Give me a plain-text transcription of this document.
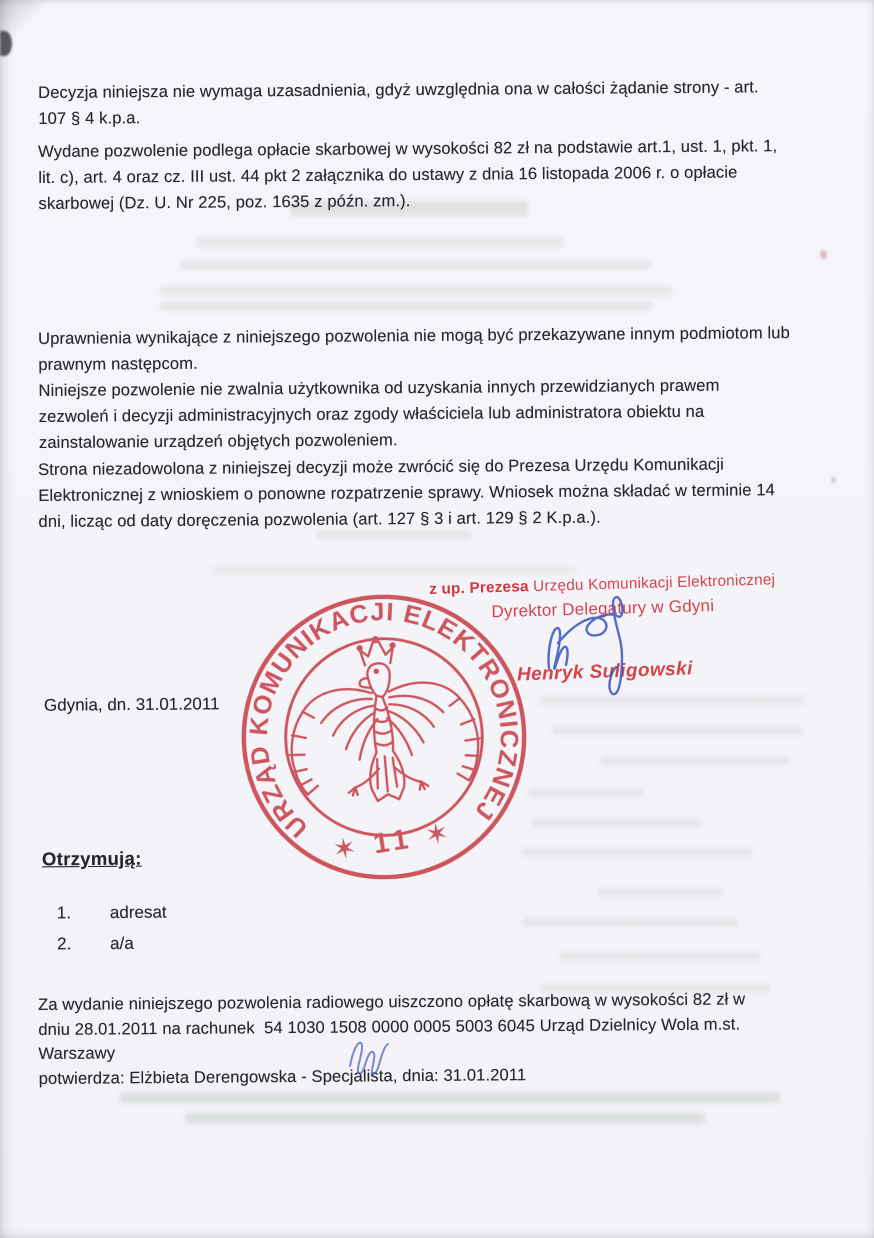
Decyzja niniejsza nie wymaga uzasadnienia, gdyż uwzględnia ona w całości żądanie strony - art.
107 § 4 k.p.a.
Wydane pozwolenie podlega opłacie skarbowej w wysokości 82 zł na podstawie art.1, ust. 1, pkt. 1,
lit. c), art. 4 oraz cz. III ust. 44 pkt 2 załącznika do ustawy z dnia 16 listopada 2006 r. o opłacie
skarbowej (Dz. U. Nr 225, poz. 1635 z późn. zm.).
Uprawnienia wynikające z niniejszego pozwolenia nie mogą być przekazywane innym podmiotom lub
prawnym następcom.
Niniejsze pozwolenie nie zwalnia użytkownika od uzyskania innych przewidzianych prawem
zezwoleń i decyzji administracyjnych oraz zgody właściciela lub administratora obiektu na
zainstalowanie urządzeń objętych pozwoleniem.
Strona niezadowolona z niniejszej decyzji może zwrócić się do Prezesa Urzędu Komunikacji
Elektronicznej z wnioskiem o ponowne rozpatrzenie sprawy. Wniosek można składać w terminie 14
dni, licząc od daty doręczenia pozwolenia (art. 127 § 3 i art. 129 § 2 K.p.a.).
z up. Prezesa Urzędu Komunikacji Elektronicznej
Dyrektor Delegatury w Gdyni
Henryk Suligowski
URZĄD KOMUNIKACJI ELEKTRONICZNEJ
✶ 11 ✶
Gdynia, dn. 31.01.2011
Otrzymują:
1.	adresat
2.	a/a
Za wydanie niniejszego pozwolenia radiowego uiszczono opłatę skarbową w wysokości 82 zł w
dniu 28.01.2011 na rachunek  54 1030 1508 0000 0005 5003 6045 Urząd Dzielnicy Wola m.st.
Warszawy
potwierdza: Elżbieta Derengowska - Specjalista, dnia: 31.01.2011
